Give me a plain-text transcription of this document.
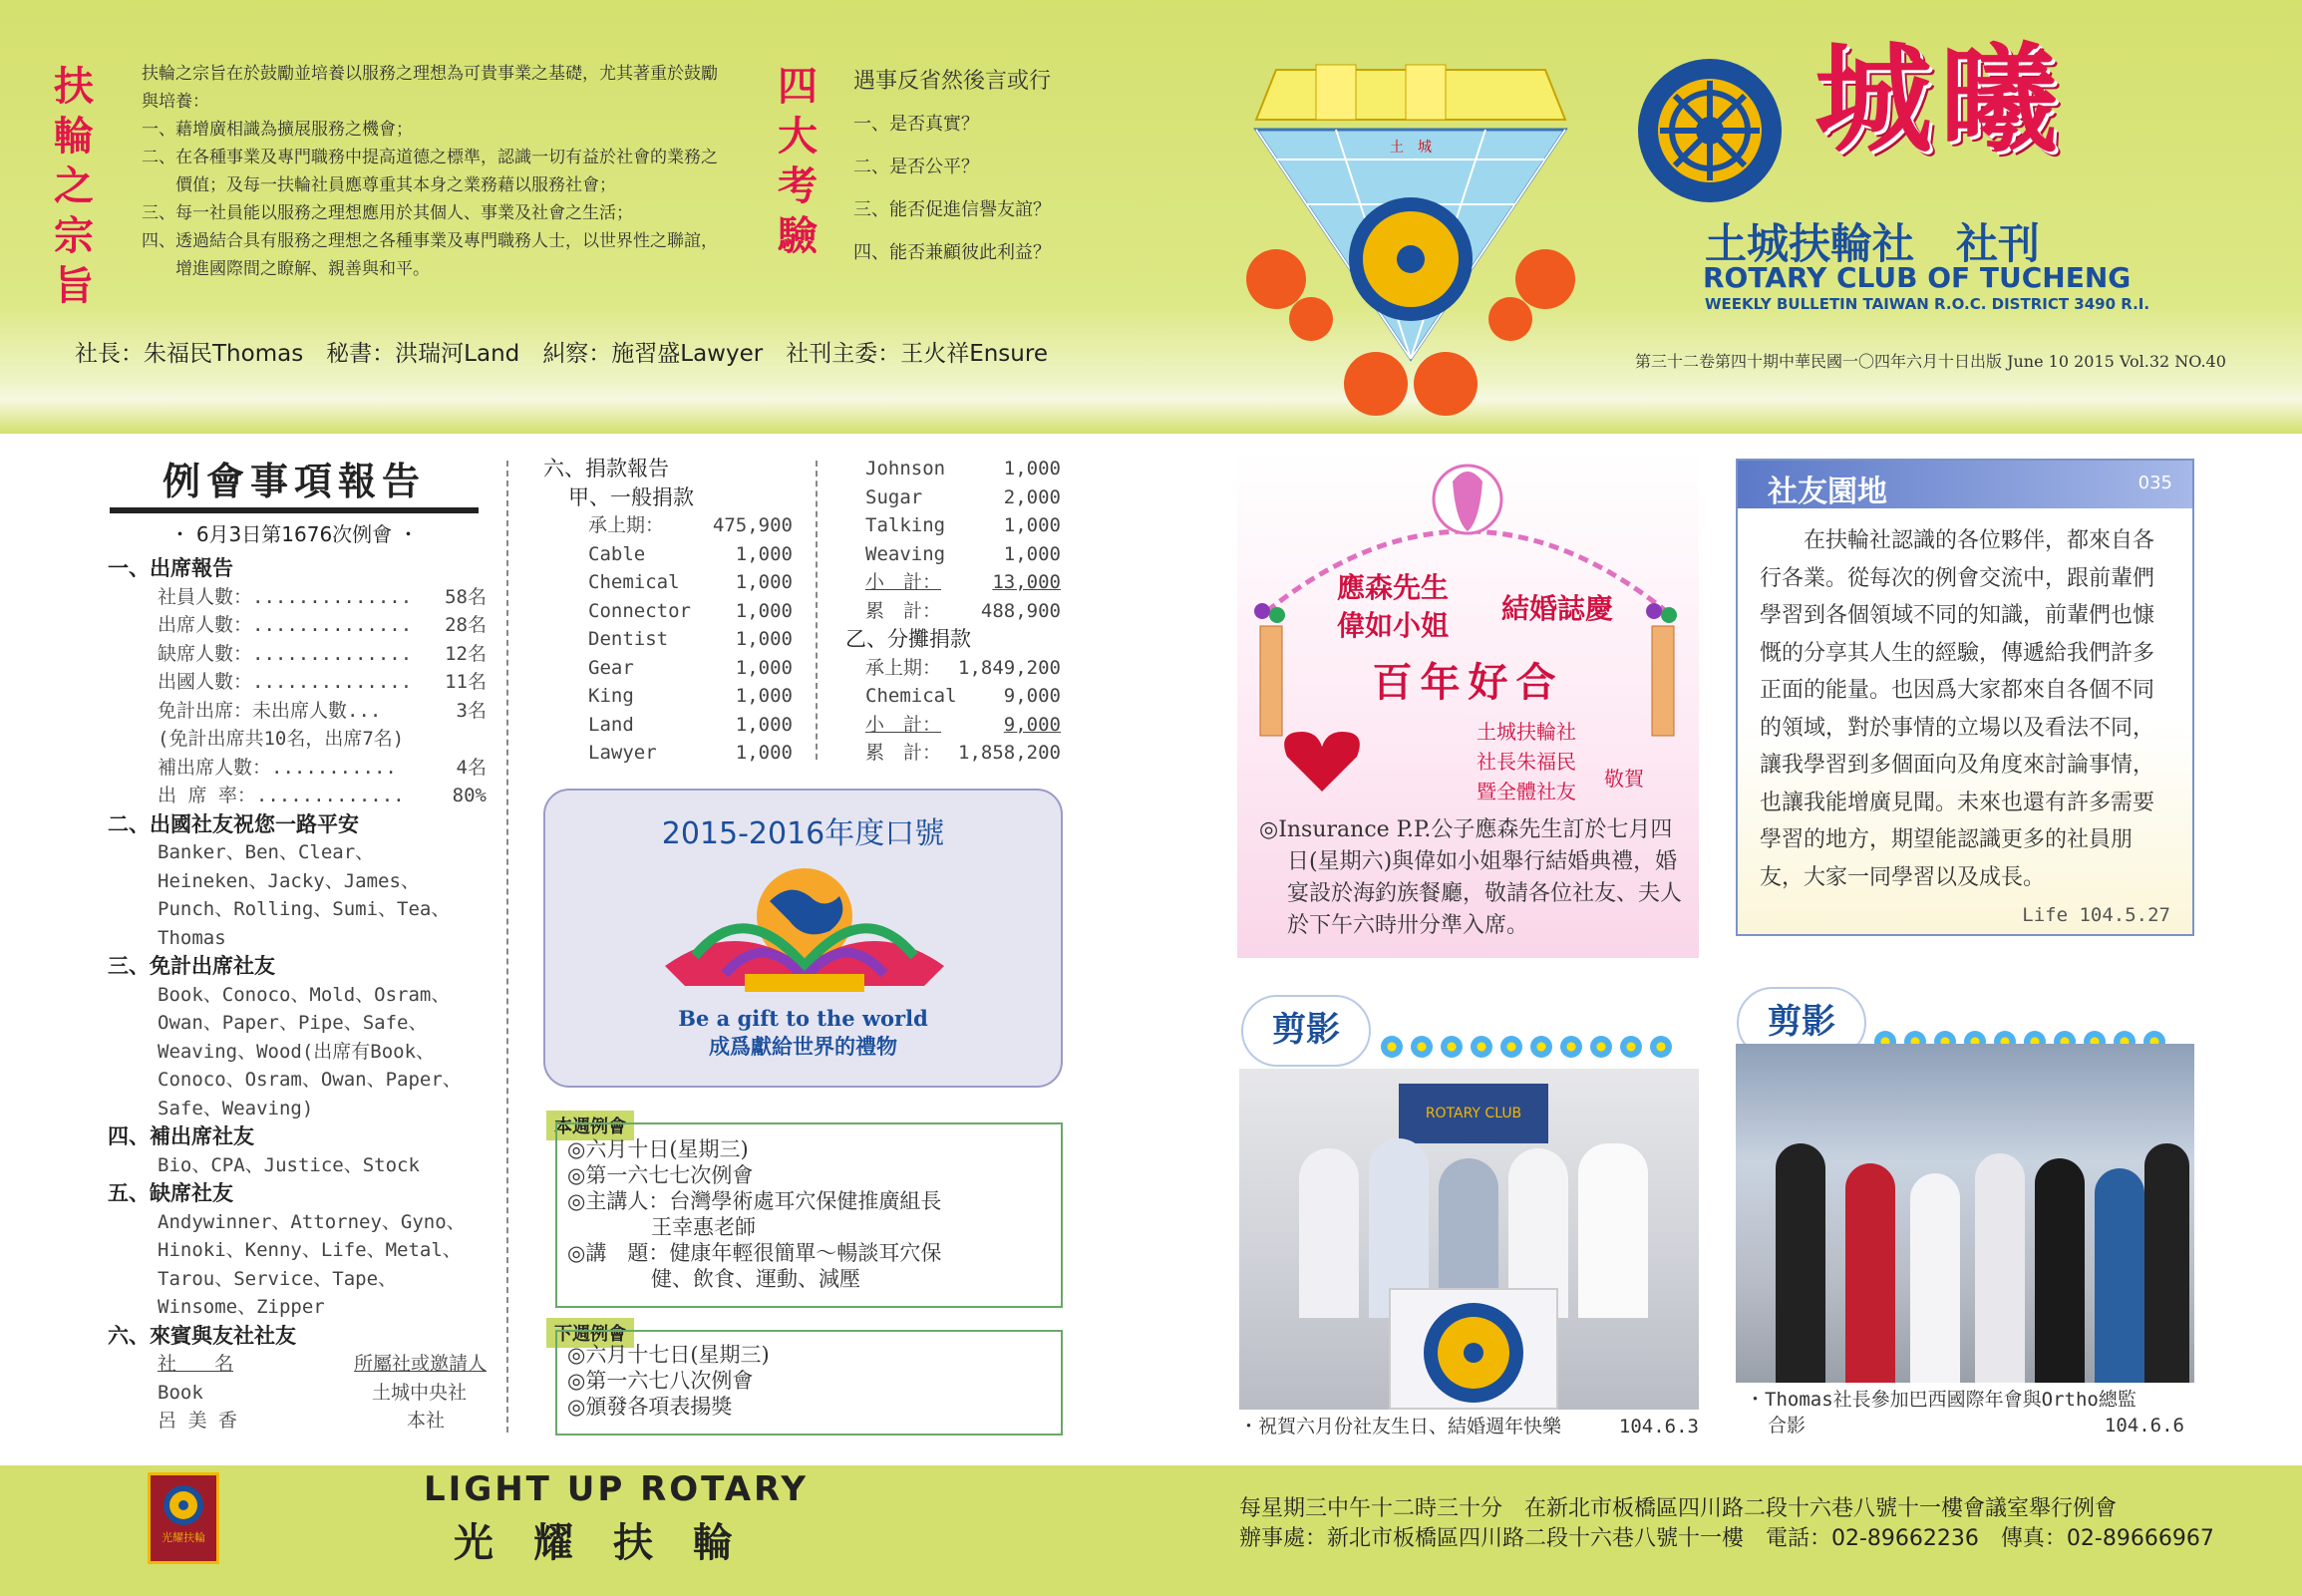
扶輪之宗旨
扶輪之宗旨在於鼓勵並培養以服務之理想為可貴事業之基礎，尤其著重於鼓勵與培養：
一、藉增廣相識為擴展服務之機會；
二、在各種事業及專門職務中提高道德之標準，認識一切有益於社會的業務之價值；及每一扶輪社員應尊重其本身之業務藉以服務社會；
三、每一社員能以服務之理想應用於其個人、事業及社會之生活；
四、透過結合具有服務之理想之各種事業及專門職務人士，以世界性之聯誼，增進國際間之瞭解、親善與和平。
四大考驗
遇事反省然後言或行
一、是否真實？
二、是否公平？
三、能否促進信譽友誼？
四、能否兼顧彼此利益？
社長：朱福民Thomas　秘書：洪瑞河Land　糾察：施習盛Lawyer　社刊主委：王火祥Ensure
土　城	城曦
土城扶輪社　社刊
ROTARY CLUB OF TUCHENG
WEEKLY BULLETIN TAIWAN R.O.C. DISTRICT 3490 R.I.
第三十二卷第四十期中華民國一〇四年六月十日出版 June 10 2015 Vol.32 NO.40
例會事項報告
・ 6月3日第1676次例會 ・
一、出席報告
社員人數：.............. 58名
出席人數：.............. 28名
缺席人數：.............. 12名
出國人數：.............. 11名
免計出席：未出席人數...	3名
(免計出席共10名，出席7名)
補出席人數：...........	4名
出 席 率：.............	80%
二、出國社友祝您一路平安
Banker、Ben、Clear、
Heineken、Jacky、James、
Punch、Rolling、Sumi、Tea、
Thomas
三、免計出席社友
Book、Conoco、Mold、Osram、
Owan、Paper、Pipe、Safe、
Weaving、Wood(出席有Book、
Conoco、Osram、Owan、Paper、
Safe、Weaving)
四、補出席社友
Bio、CPA、Justice、Stock
五、缺席社友
Andywinner、Attorney、Gyno、
Hinoki、Kenny、Life、Metal、
Tarou、Service、Tape、
Winsome、Zipper
六、來賓與友社社友
社　　名	所屬社或邀請人
Book	土城中央社
呂 美 香	本社
六、捐款報告
甲、一般捐款
承上期：	475,900
Cable	1,000
Chemical	1,000
Connector 1,000
Dentist	1,000
Gear	1,000
King	1,000
Land	1,000
Lawyer	1,000
Johnson	1,000
Sugar	2,000
Talking	1,000
Weaving	1,000
小　計：	13,000
累　計： 488,900
乙、分攤捐款
承上期： 1,849,200
Chemical 9,000
小　計：	9,000
累　計： 1,858,200
2015-2016年度口號
Be a gift to the world
成爲獻給世界的禮物
本週例會
◎六月十日(星期三)
◎第一六七七次例會
◎主講人：台灣學術處耳穴保健推廣組長
　　　　王幸惠老師
◎講　題：健康年輕很簡單～暢談耳穴保
　　　　健、飲食、運動、減壓
下週例會
◎六月十七日(星期三)
◎第一六七八次例會
◎頒發各項表揚獎
應森先生
偉如小姐
結婚誌慶
百年好合
土城扶輪社
社長朱福民
暨全體社友
敬賀
◎Insurance P.P.公子應森先生訂於七月四日(星期六)與偉如小姐舉行結婚典禮，婚宴設於海釣族餐廳，敬請各位社友、夫人於下午六時卅分準入席。
社友園地	035
在扶輪社認識的各位夥伴，都來自各行各業。從每次的例會交流中，跟前輩們學習到各個領域不同的知識，前輩們也慷慨的分享其人生的經驗，傳遞給我們許多正面的能量。也因爲大家都來自各個不同的領域，對於事情的立場以及看法不同，讓我學習到多個面向及角度來討論事情，也讓我能增廣見聞。未來也還有許多需要學習的地方，期望能認識更多的社員朋友，大家一同學習以及成長。
Life 104.5.27
剪影
ROTARY CLUB
・祝賀六月份社友生日、結婚週年快樂	104.6.3
剪影
・Thomas社長參加巴西國際年會與Ortho總監
合影	104.6.6
光耀扶輪
LIGHT UP ROTARY
光　耀　扶　輪
每星期三中午十二時三十分　在新北市板橋區四川路二段十六巷八號十一樓會議室舉行例會
辦事處：新北市板橋區四川路二段十六巷八號十一樓　電話：02-89662236　傳真：02-89666967
